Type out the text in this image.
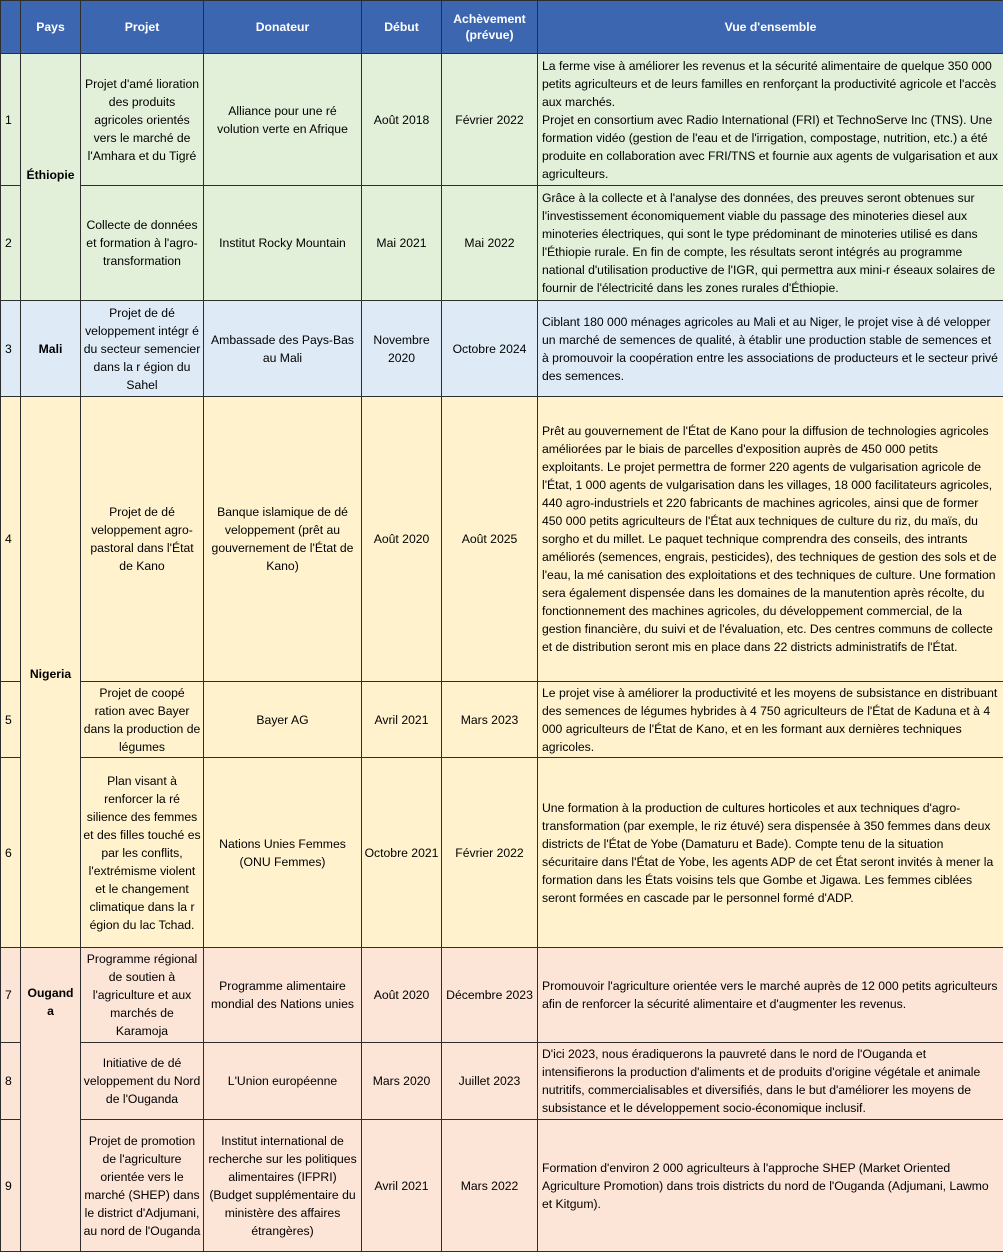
	Pays	Projet	Donateur	Début	Achèvement (prévue)	Vue d'ensemble
1	Éthiopie	Projet d'amé lioration des produits agricoles orientés vers le marché de l'Amhara et du Tigré	Alliance pour une ré volution verte en Afrique	Août 2018	Février 2022	La ferme vise à améliorer les revenus et la sécurité alimentaire de quelque 350 000 petits agriculteurs et de leurs familles en renforçant la productivité agricole et l'accès aux marchés.
Projet en consortium avec Radio International (FRI) et TechnoServe Inc (TNS). Une formation vidéo (gestion de l'eau et de l'irrigation, compostage, nutrition, etc.) a été produite en collaboration avec FRI/TNS et fournie aux agents de vulgarisation et aux agriculteurs.
2		Collecte de données et formation à l'agro-transformation	Institut Rocky Mountain	Mai 2021	Mai 2022	Grâce à la collecte et à l'analyse des données, des preuves seront obtenues sur l'investissement économiquement viable du passage des minoteries diesel aux minoteries électriques, qui sont le type prédominant de minoteries utilisé es dans l'Éthiopie rurale. En fin de compte, les résultats seront intégrés au programme national d'utilisation productive de l'IGR, qui permettra aux mini-r éseaux solaires de fournir de l'électricité dans les zones rurales d'Éthiopie.
3	Mali	Projet de dé veloppement intégr é du secteur semencier dans la r égion du Sahel	Ambassade des Pays-Bas au Mali	Novembre 2020	Octobre 2024	Ciblant 180 000 ménages agricoles au Mali et au Niger, le projet vise à dé velopper un marché de semences de qualité, à établir une production stable de semences et à promouvoir la coopération entre les associations de producteurs et le secteur privé des semences.
4	Nigeria	Projet de dé veloppement agro-pastoral dans l'État de Kano	Banque islamique de dé veloppement (prêt au gouvernement de l'État de Kano)	Août 2020	Août 2025	Prêt au gouvernement de l'État de Kano pour la diffusion de technologies agricoles améliorées par le biais de parcelles d'exposition auprès de 450 000 petits exploitants. Le projet permettra de former 220 agents de vulgarisation agricole de l'État, 1 000 agents de vulgarisation dans les villages, 18 000 facilitateurs agricoles, 440 agro-industriels et 220 fabricants de machines agricoles, ainsi que de former 450 000 petits agriculteurs de l'État aux techniques de culture du riz, du maïs, du sorgho et du millet. Le paquet technique comprendra des conseils, des intrants améliorés (semences, engrais, pesticides), des techniques de gestion des sols et de l'eau, la mé canisation des exploitations et des techniques de culture. Une formation sera également dispensée dans les domaines de la manutention après récolte, du fonctionnement des machines agricoles, du développement commercial, de la gestion financière, du suivi et de l'évaluation, etc. Des centres communs de collecte et de distribution seront mis en place dans 22 districts administratifs de l'État.
5		Projet de coopé ration avec Bayer dans la production de légumes	Bayer AG	Avril 2021	Mars 2023	Le projet vise à améliorer la productivité et les moyens de subsistance en distribuant des semences de légumes hybrides à 4 750 agriculteurs de l'État de Kaduna et à 4 000 agriculteurs de l'État de Kano, et en les formant aux dernières techniques agricoles.
6		Plan visant à renforcer la ré silience des femmes et des filles touché es par les conflits, l'extrémisme violent et le changement climatique dans la r égion du lac Tchad.	Nations Unies Femmes (ONU Femmes)	Octobre 2021	Février 2022	Une formation à la production de cultures horticoles et aux techniques d'agro-transformation (par exemple, le riz étuvé) sera dispensée à 350 femmes dans deux districts de l'État de Yobe (Damaturu et Bade). Compte tenu de la situation sécuritaire dans l'État de Yobe, les agents ADP de cet État seront invités à mener la formation dans les États voisins tels que Gombe et Jigawa. Les femmes ciblées seront formées en cascade par le personnel formé d'ADP.
7	Ougand a	Programme régional de soutien à l'agriculture et aux marchés de Karamoja	Programme alimentaire mondial des Nations unies	Août 2020	Décembre 2023	Promouvoir l'agriculture orientée vers le marché auprès de 12 000 petits agriculteurs afin de renforcer la sécurité alimentaire et d'augmenter les revenus.
8		Initiative de dé veloppement du Nord de l'Ouganda	L'Union européenne	Mars 2020	Juillet 2023	D'ici 2023, nous éradiquerons la pauvreté dans le nord de l'Ouganda et intensifierons la production d'aliments et de produits d'origine végétale et animale nutritifs, commercialisables et diversifiés, dans le but d'améliorer les moyens de subsistance et le développement socio-économique inclusif.
9		Projet de promotion de l'agriculture orientée vers le marché (SHEP) dans le district d'Adjumani, au nord de l'Ouganda	Institut international de recherche sur les politiques alimentaires (IFPRI)
(Budget supplémentaire du ministère des affaires étrangères)	Avril 2021	Mars 2022	Formation d'environ 2 000 agriculteurs à l'approche SHEP (Market Oriented Agriculture Promotion) dans trois districts du nord de l'Ouganda (Adjumani, Lawmo et Kitgum).
